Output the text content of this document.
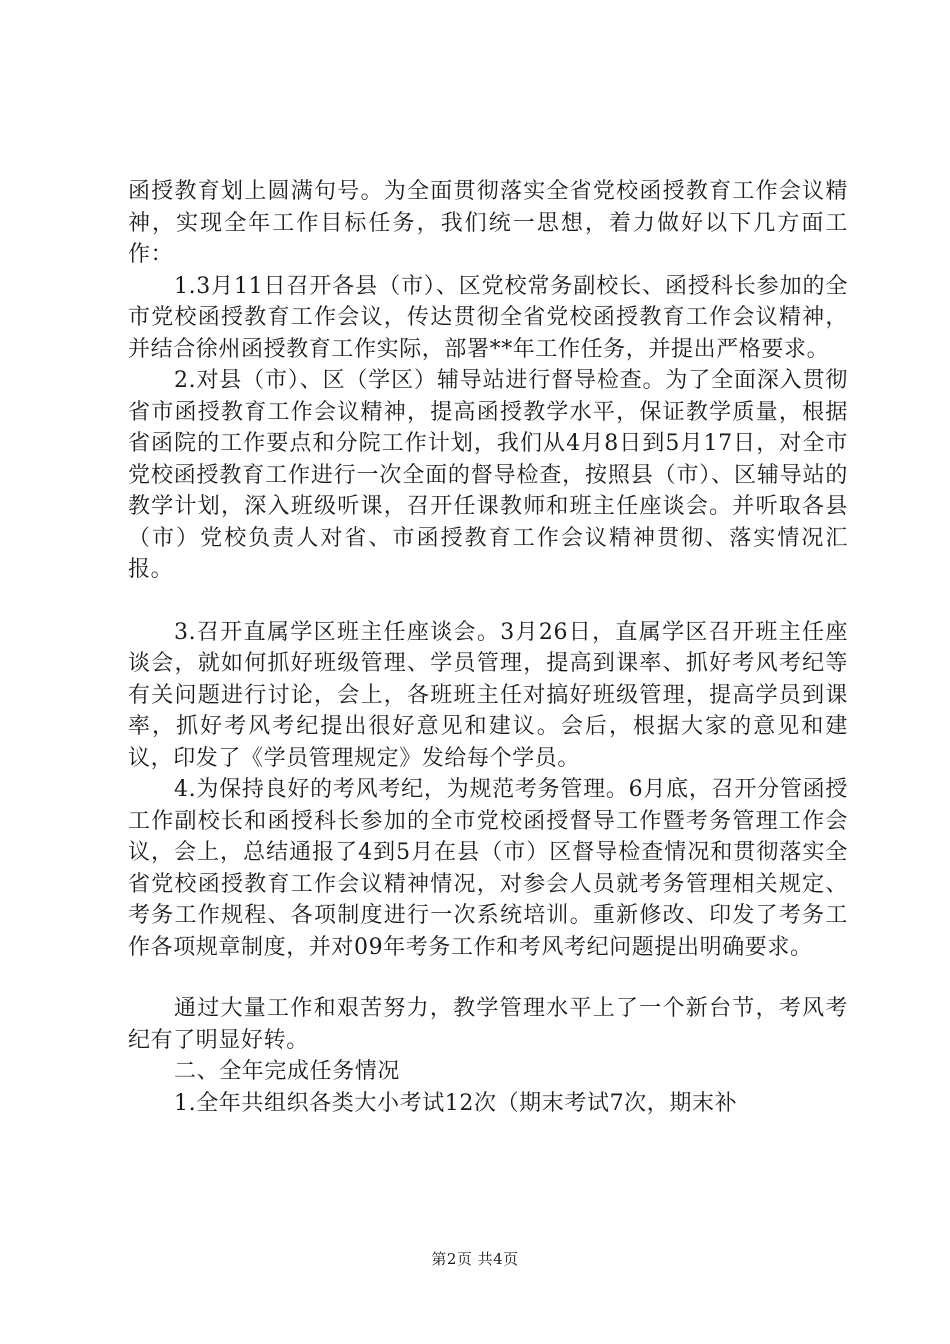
函授教育划上圆满句号。为全面贯彻落实全省党校函授教育工作会议精神，实现全年工作目标任务，我们统一思想，着力做好以下几方面工作：

1.3月11日召开各县（市）、区党校常务副校长、函授科长参加的全市党校函授教育工作会议，传达贯彻全省党校函授教育工作会议精神，并结合徐州函授教育工作实际，部署**年工作任务，并提出严格要求。

2.对县（市）、区（学区）辅导站进行督导检查。为了全面深入贯彻省市函授教育工作会议精神，提高函授教学水平，保证教学质量，根据省函院的工作要点和分院工作计划，我们从4月8日到5月17日，对全市党校函授教育工作进行一次全面的督导检查，按照县（市）、区辅导站的教学计划，深入班级听课，召开任课教师和班主任座谈会。并听取各县（市）党校负责人对省、市函授教育工作会议精神贯彻、落实情况汇报。

3.召开直属学区班主任座谈会。3月26日，直属学区召开班主任座谈会，就如何抓好班级管理、学员管理，提高到课率、抓好考风考纪等有关问题进行讨论，会上，各班班主任对搞好班级管理，提高学员到课率，抓好考风考纪提出很好意见和建议。会后，根据大家的意见和建议，印发了《学员管理规定》发给每个学员。

4.为保持良好的考风考纪，为规范考务管理。6月底，召开分管函授工作副校长和函授科长参加的全市党校函授督导工作暨考务管理工作会议，会上，总结通报了4到5月在县（市）区督导检查情况和贯彻落实全省党校函授教育工作会议精神情况，对参会人员就考务管理相关规定、考务工作规程、各项制度进行一次系统培训。重新修改、印发了考务工作各项规章制度，并对09年考务工作和考风考纪问题提出明确要求。

通过大量工作和艰苦努力，教学管理水平上了一个新台节，考风考纪有了明显好转。

二、全年完成任务情况

1.全年共组织各类大小考试12次（期末考试7次，期末补

第2页 共4页
